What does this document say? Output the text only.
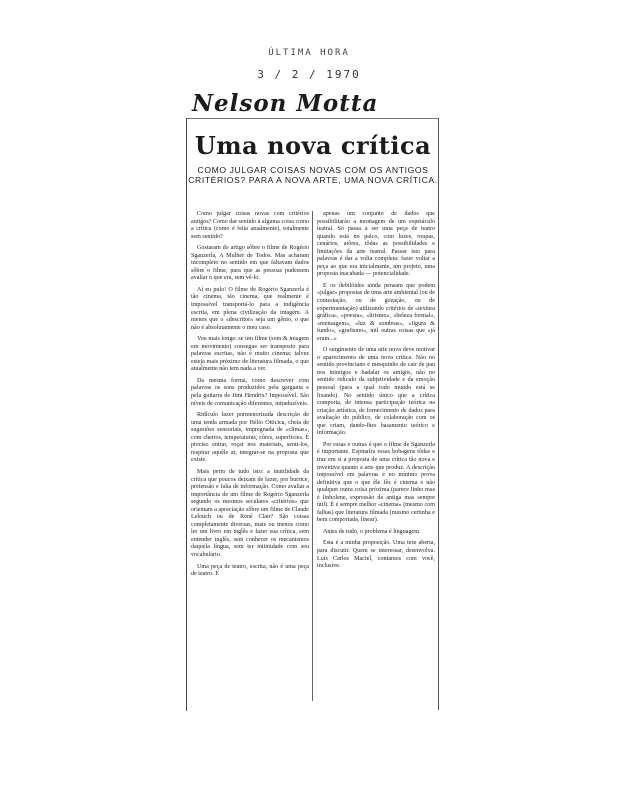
ÚLTIMA HORA
3 / 2 / 1970
Nelson Motta
Uma nova crítica
COMO JULGAR COISAS NOVAS COM OS ANTIGOS CRITÉRIOS? PARA A NOVA ARTE, UMA NOVA CRÍTICA.

Como julgar coisas novas com critérios antigos? Como dar sentido à alguma coisa como a crítica (como é feita atualmente), totalmente sem sentido?

Gostaram do artigo sôbre o filme de Rogério Sganzerla, A Mulher de Todos. Mas acharam incompleto no sentido em que faltavam dados sôbre o filme, para que as pessoas pudessem avaliar o que era, sem vê-lo.

Aí eu pulo! O filme de Rogério Sganzerla é tão cinema, tão cinema, que realmente é impossível transportá-lo para a indigência escrita, em plena civilização da imagem. A menos que o «descritor» seja um gênio, o que não é absolutamente o meu caso.

Vou mais longe: se um filme (som & imagem em movimento) consegue ser transposto para palavras escritas, não é muito cinema; talvez esteja mais próximo de literatura filmada, o que atualmente não tem nada a ver.

Da mesma forma, como descrever com palavras os sons produzidos pela garganta e pela guitarra de Jimi Hendrix? Impossível. São níveis de comunicação diferentes, intraduzíveis.

Ridículo fazer pormenorizada descrição de uma tenda armada por Hélio Oiticica, cheia de sugestões sensoriais, impregnada de «climas», com cheiros, temperaturas, côres, superfícies. É preciso entrar, roçar nos materiais, senti-los, respirar aquêle ar, integrar-se na proposta que existe.

Mais perto de tudo isto: a inutilidade da crítica que poucos deixam de fazer, por burrice, pretensão e falta de informação. Como avaliar a importância de um filme de Rogério Sganzerla segundo os mesmos seculares «critérios» que orientam a apreciação sôbre um filme de Claude Lelouch ou de René Clair? São coisas completamente diversas, mais ou menos como ler um livro em inglês e fazer sua crítica, sem entender inglês, sem conhecer os mecanismos daquela língua, sem ter intimidade com seu vocabulário.

Uma peça de teatro, escrita, não é uma peça de teatro. É

apenas um conjunto de dados que possibilitarão a montagem de um espetáculo teatral. Só passa a ser uma peça de teatro quando está no palco, com luzes, roupas, cenários, atôres, tôdas as possibilidades e limitações da arte teatral. Passar isto para palavras é dar a volta completa: fazer voltar a peça ao que era inicialmente, um projeto, uma proposta inacabada — potencialidade.

E os debilóides ainda pensam que podem «julgar» propostas de uma arte ambiental (ou de contestação, ou de gozação, ou de experimentação) utilizando critérios de «textura gráfica», «poesia», «lirismo», «beleza formal», «mensagem», «luz & sombras», «figura & fundo», «grafismo», mil outras coisas que «já eram...»

O surgimento de uma arte nova deve motivar o aparecimento de uma nova crítica. Não no sentido provinciano e mesquinho de cair de pau nos inimigos e badalar os amigos, não no sentido ridículo da subjetividade e da emoção pessoal (para a qual todo mundo está se lixando). No sentido único que a crítica comporta, de intensa participação teórica na criação artística, de fornecimento de dados para avaliação do público, de colaboração com os que criam, dando-lhes basamento teórico e informação.

Por essas e outras é que o filme de Sganzerla é importante. Espinafra essas bobagens tôdas e traz em si a proposta de uma crítica tão nova e inventiva quanto a arte que produz. A descrição impossível em palavras é no mínimo prova definitiva que o que êle fêz é cinema e não qualquer outra coisa próxima (parece linho mas é linholene, expressão da antiga mas sempre útil). É é sempre melhor «cinema» (mesmo com falhas) que literatura filmada (mesmo certinha e bem comportada, linear).

Antes de tudo, o problema é linguagem.

Esta é a minha proposição. Uma tese aberta, para discutir. Quem se interessar, desenvolva. Luís Carlos Maciel, contamos com você, inclusive.
